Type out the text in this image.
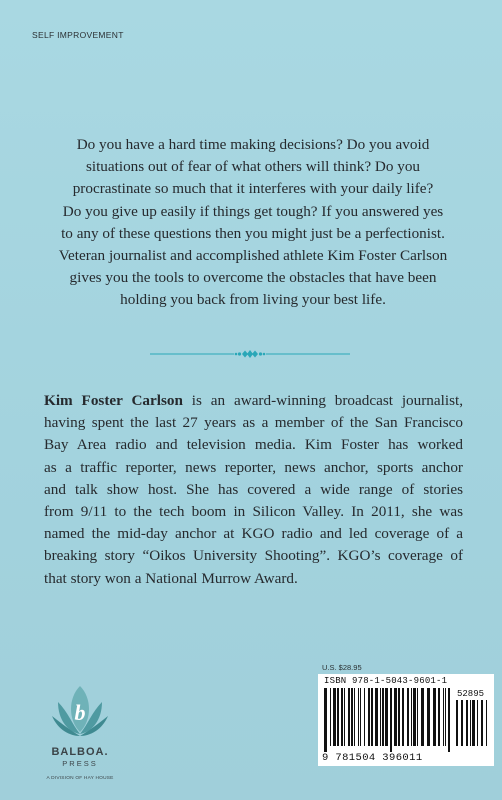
SELF IMPROVEMENT

Do you have a hard time making decisions? Do you avoid
situations out of fear of what others will think? Do you
procrastinate so much that it interferes with your daily life?
Do you give up easily if things get tough? If you answered yes
to any of these questions then you might just be a perfectionist.
Veteran journalist and accomplished athlete Kim Foster Carlson
gives you the tools to overcome the obstacles that have been
holding you back from living your best life.

Kim Foster Carlson is an award-winning broadcast journalist,
having spent the last 27 years as a member of the San Francisco
Bay Area radio and television media. Kim Foster has worked
as a traffic reporter, news reporter, news anchor, sports anchor
and talk show host. She has covered a wide range of stories
from 9/11 to the tech boom in Silicon Valley. In 2011, she was
named the mid-day anchor at KGO radio and led coverage of a
breaking story “Oikos University Shooting”. KGO’s coverage of
that story won a National Murrow Award.

b
BALBOA.
PRESS
A DIVISION OF HAY HOUSE
U.S. $28.95
ISBN 978-1-5043-9601-1
52895
9 781504 396011
